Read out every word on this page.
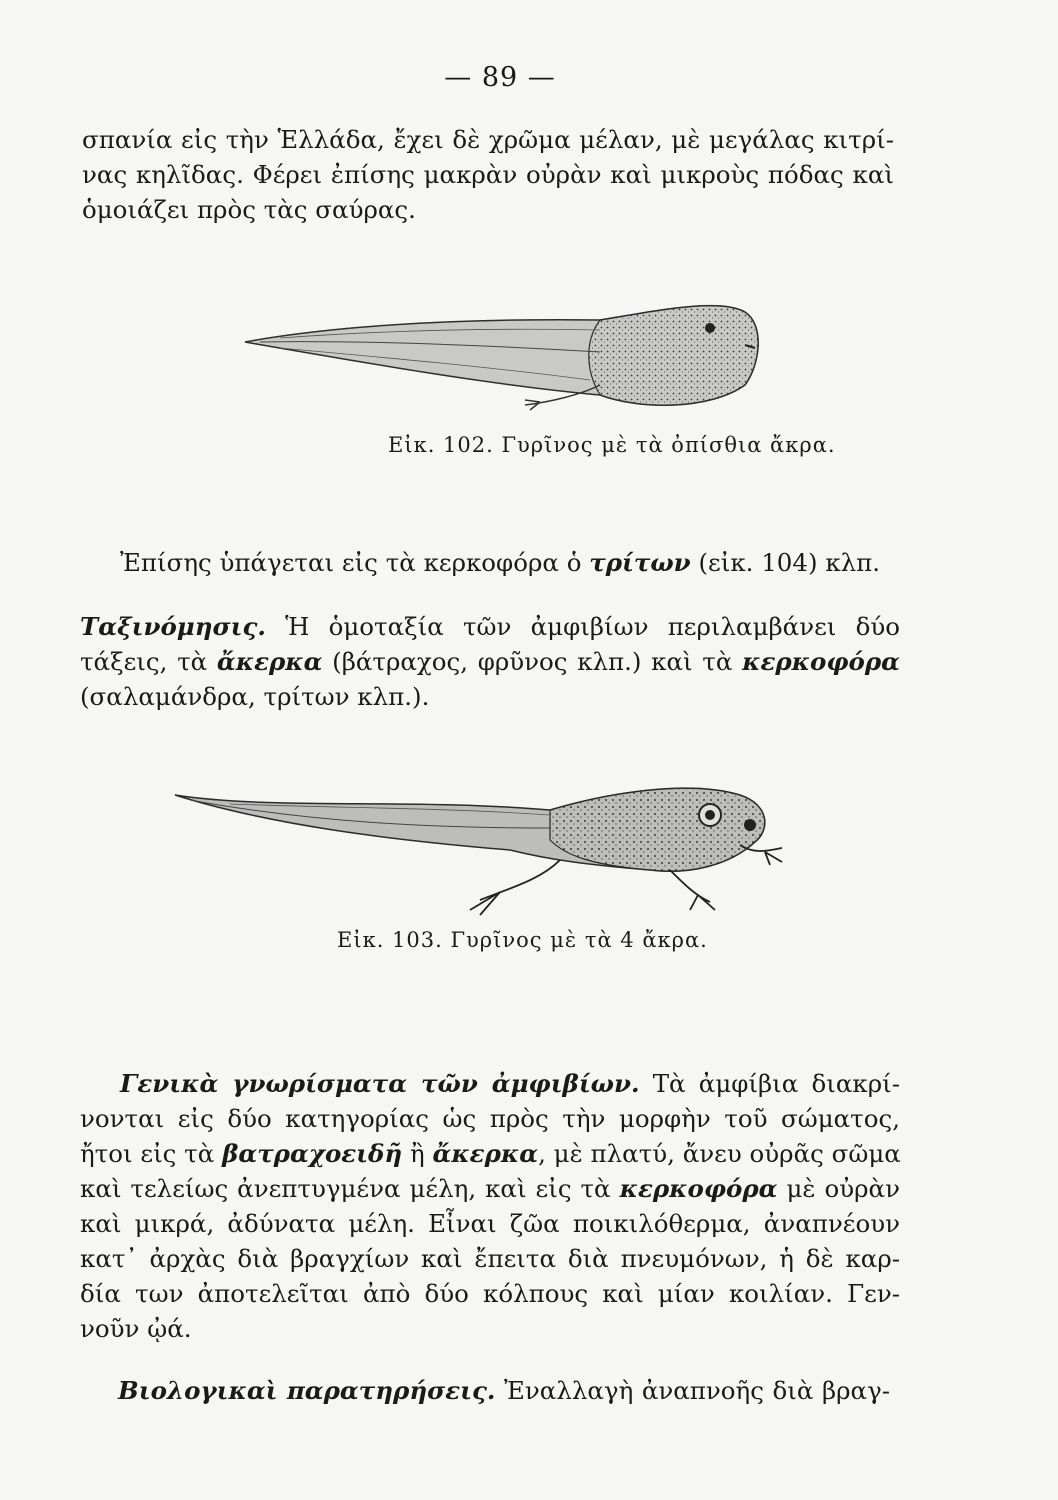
— 89 —
σπανία εἰς τὴν Ἑλλάδα, ἔχει δὲ χρῶμα μέλαν, μὲ μεγάλας κιτρί-
νας κηλῖδας. Φέρει ἐπίσης μακρὰν οὐρὰν καὶ μικροὺς πόδας καὶ
ὁμοιάζει πρὸς τὰς σαύρας.
Εἰκ. 102. Γυρῖνος μὲ τὰ ὀπίσθια ἄκρα.
Ἐπίσης ὑπάγεται εἰς τὰ κερκοφόρα ὁ τρίτων (εἰκ. 104) κλπ.
Ταξινόμησις. Ἡ ὁμοταξία τῶν ἀμφιβίων περιλαμβάνει δύο
τάξεις, τὰ ἄκερκα (βάτραχος, φρῦνος κλπ.) καὶ τὰ κερκοφόρα
(σαλαμάνδρα, τρίτων κλπ.).
Εἰκ. 103. Γυρῖνος μὲ τὰ 4 ἄκρα.
Γενικὰ γνωρίσματα τῶν ἀμφιβίων. Τὰ ἀμφίβια διακρί-
νονται εἰς δύο κατηγορίας ὡς πρὸς τὴν μορφὴν τοῦ σώματος,
ἤτοι εἰς τὰ βατραχοειδῆ ἢ ἄκερκα, μὲ πλατύ, ἄνευ οὐρᾶς σῶμα
καὶ τελείως ἀνεπτυγμένα μέλη, καὶ εἰς τὰ κερκοφόρα μὲ οὐρὰν
καὶ μικρά, ἀδύνατα μέλη. Εἶναι ζῶα ποικιλόθερμα, ἀναπνέουν
κατ᾽ ἀρχὰς διὰ βραγχίων καὶ ἔπειτα διὰ πνευμόνων, ἡ δὲ καρ-
δία των ἀποτελεῖται ἀπὸ δύο κόλπους καὶ μίαν κοιλίαν. Γεν-
νοῦν ᾠά.
Βιολογικαὶ παρατηρήσεις. Ἐναλλαγὴ ἀναπνοῆς διὰ βραγ-
